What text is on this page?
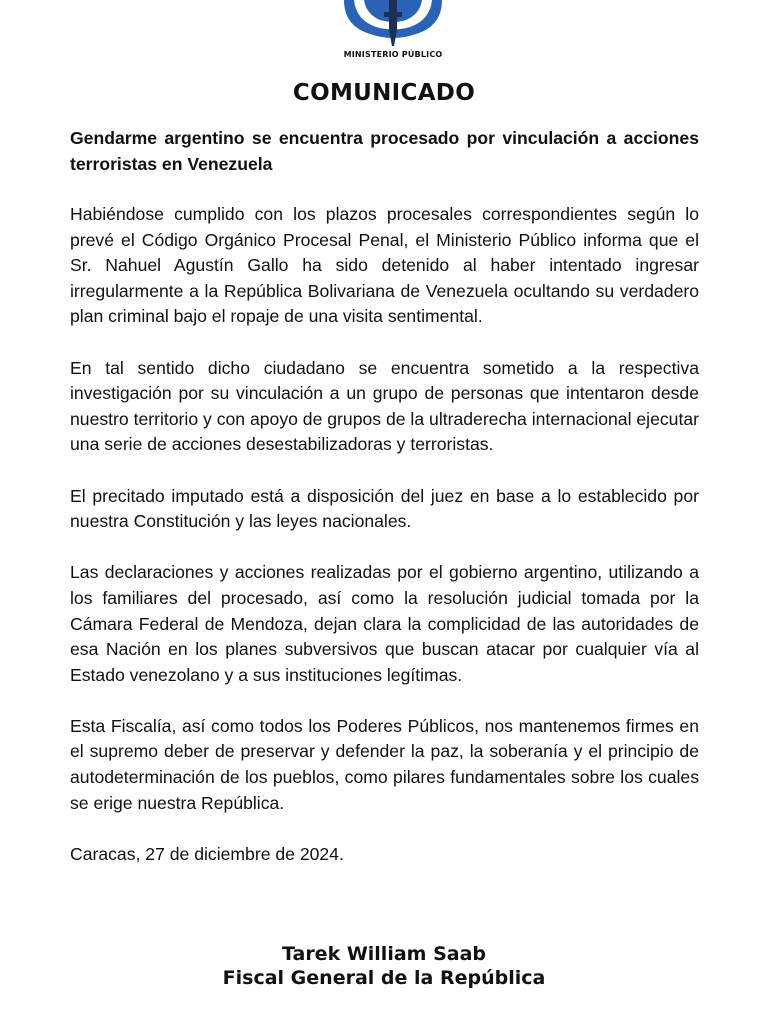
MINISTERIO PÚBLICO
COMUNICADO

Gendarme argentino se encuentra procesado por vinculación a acciones terroristas en Venezuela

Habiéndose cumplido con los plazos procesales correspondientes según lo prevé el Código Orgánico Procesal Penal, el Ministerio Público informa que el Sr. Nahuel Agustín Gallo ha sido detenido al haber intentado ingresar irregularmente a la República Bolivariana de Venezuela ocultando su verdadero plan criminal bajo el ropaje de una visita sentimental.

En tal sentido dicho ciudadano se encuentra sometido a la respectiva investigación por su vinculación a un grupo de personas que intentaron desde nuestro territorio y con apoyo de grupos de la ultraderecha internacional ejecutar una serie de acciones desestabilizadoras y terroristas.

El precitado imputado está a disposición del juez en base a lo establecido por nuestra Constitución y las leyes nacionales.

Las declaraciones y acciones realizadas por el gobierno argentino, utilizando a los familiares del procesado, así como la resolución judicial tomada por la Cámara Federal de Mendoza, dejan clara la complicidad de las autoridades de esa Nación en los planes subversivos que buscan atacar por cualquier vía al Estado venezolano y a sus instituciones legítimas.

Esta Fiscalía, así como todos los Poderes Públicos, nos mantenemos firmes en el supremo deber de preservar y defender la paz, la soberanía y el principio de autodeterminación de los pueblos, como pilares fundamentales sobre los cuales se erige nuestra República.

Caracas, 27 de diciembre de 2024.

Tarek William Saab
Fiscal General de la República
